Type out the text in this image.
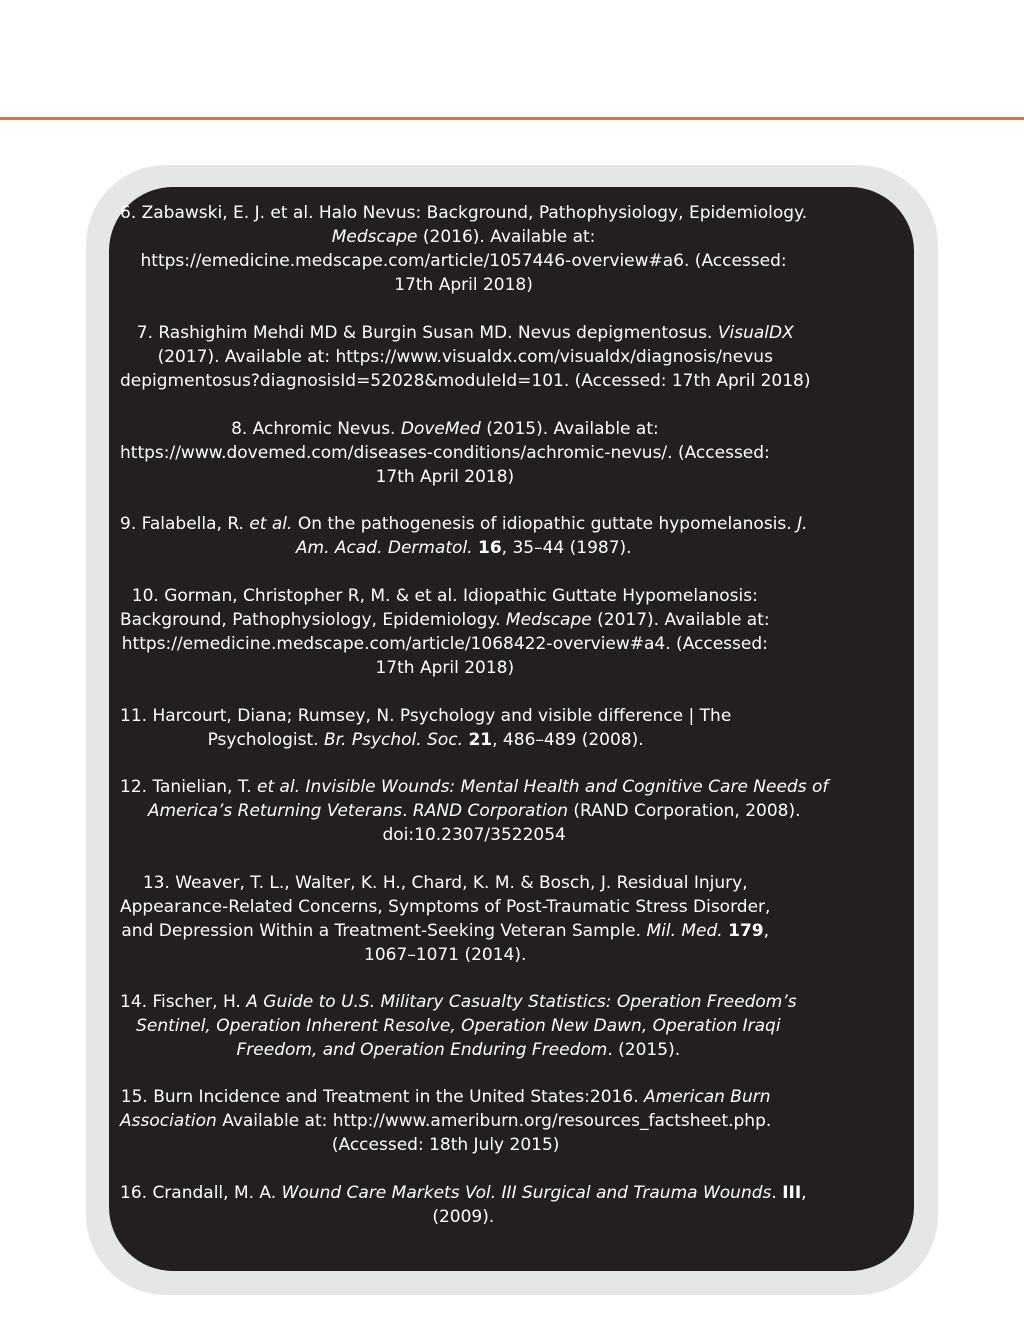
6. Zabawski, E. J. et al. Halo Nevus: Background, Pathophysiology, Epidemiology.
Medscape (2016). Available at:
https://emedicine.medscape.com/article/1057446-overview#a6. (Accessed:
17th April 2018)
7. Rashighim Mehdi MD & Burgin Susan MD. Nevus depigmentosus. VisualDX
(2017). Available at: https://www.visualdx.com/visualdx/diagnosis/nevus
depigmentosus?diagnosisId=52028&moduleId=101. (Accessed: 17th April 2018)
8. Achromic Nevus. DoveMed (2015). Available at:
https://www.dovemed.com/diseases-conditions/achromic-nevus/. (Accessed:
17th April 2018)
9. Falabella, R. et al. On the pathogenesis of idiopathic guttate hypomelanosis. J.
Am. Acad. Dermatol. 16, 35–44 (1987).
10. Gorman, Christopher R, M. & et al. Idiopathic Guttate Hypomelanosis:
Background, Pathophysiology, Epidemiology. Medscape (2017). Available at:
https://emedicine.medscape.com/article/1068422-overview#a4. (Accessed:
17th April 2018)
11. Harcourt, Diana; Rumsey, N. Psychology and visible difference | The
Psychologist. Br. Psychol. Soc. 21, 486–489 (2008).
12. Tanielian, T. et al. Invisible Wounds: Mental Health and Cognitive Care Needs of
America’s Returning Veterans. RAND Corporation (RAND Corporation, 2008).
doi:10.2307/3522054
13. Weaver, T. L., Walter, K. H., Chard, K. M. & Bosch, J. Residual Injury,
Appearance-Related Concerns, Symptoms of Post-Traumatic Stress Disorder,
and Depression Within a Treatment-Seeking Veteran Sample. Mil. Med. 179,
1067–1071 (2014).
14. Fischer, H. A Guide to U.S. Military Casualty Statistics: Operation Freedom’s
Sentinel, Operation Inherent Resolve, Operation New Dawn, Operation Iraqi
Freedom, and Operation Enduring Freedom. (2015).
15. Burn Incidence and Treatment in the United States:2016. American Burn
Association Available at: http://www.ameriburn.org/resources_factsheet.php.
(Accessed: 18th July 2015)
16. Crandall, M. A. Wound Care Markets Vol. III Surgical and Trauma Wounds. III,
(2009).
